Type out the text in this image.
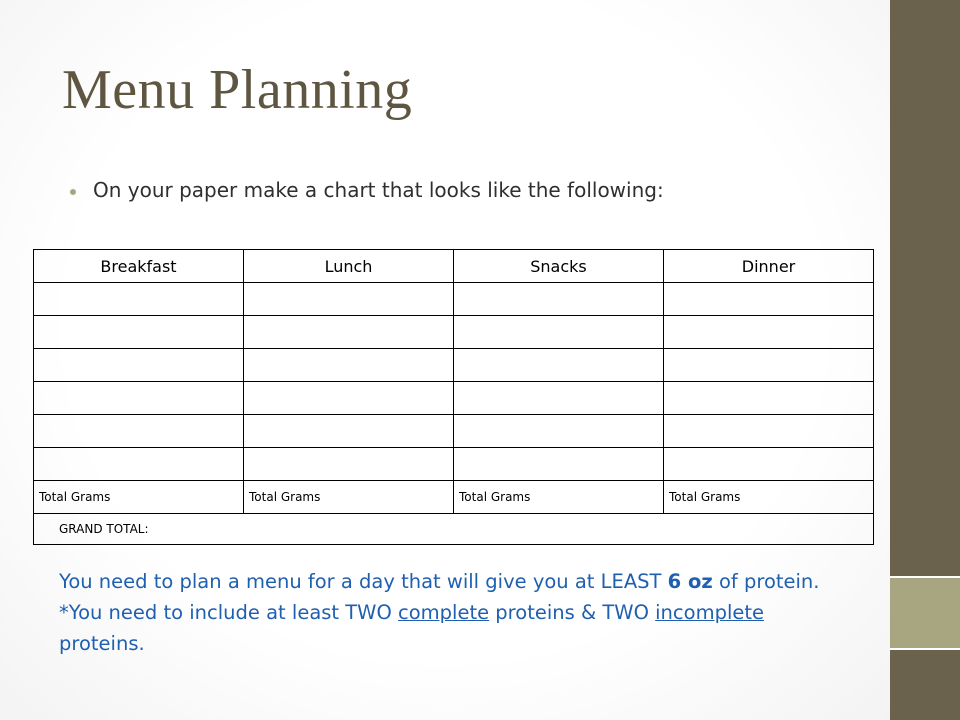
Menu Planning
On your paper make a chart that looks like the following:
Breakfast	Lunch	Snacks	Dinner

Total Grams	Total Grams	Total Grams	Total Grams
GRAND TOTAL:			
You need to plan a menu for a day that will give you at LEAST 6 oz of protein. *You need to include at least TWO complete proteins & TWO incomplete proteins.
